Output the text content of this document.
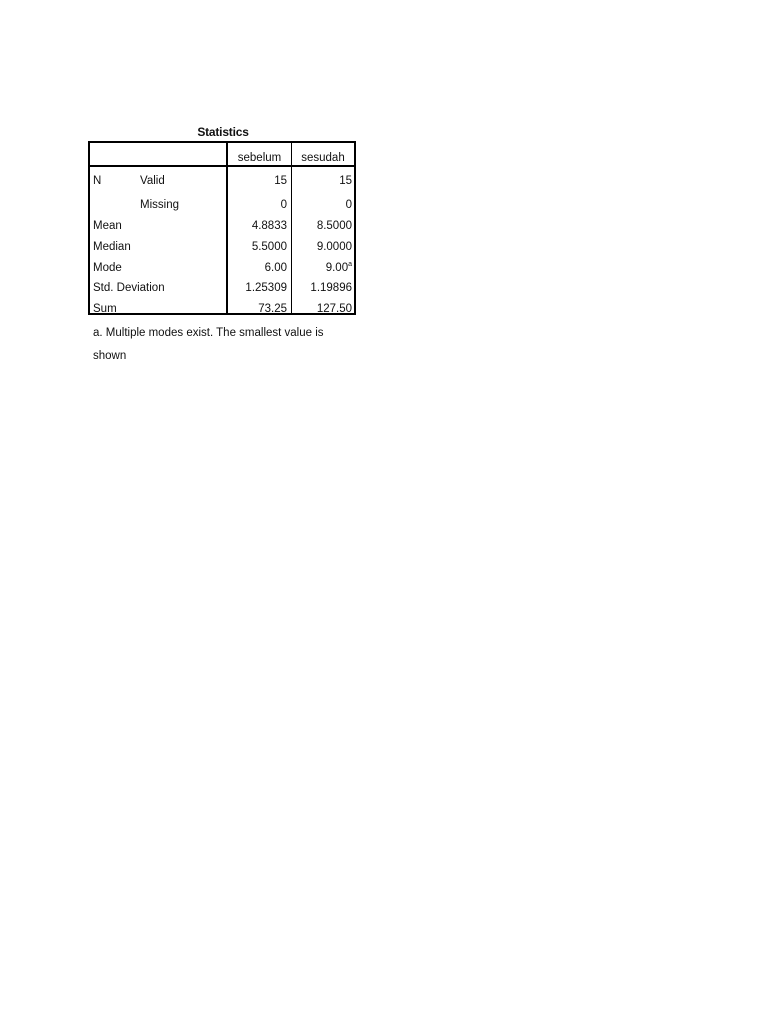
Statistics
sebelum	sesudah
N	Valid	15	15
Missing	0	0
Mean	4.8833	8.5000
Median	5.5000	9.0000
Mode	6.00	9.00$^a$
Std. Deviation	1.25309	1.19896
Sum	73.25	127.50
a. Multiple modes exist. The smallest value is shown
